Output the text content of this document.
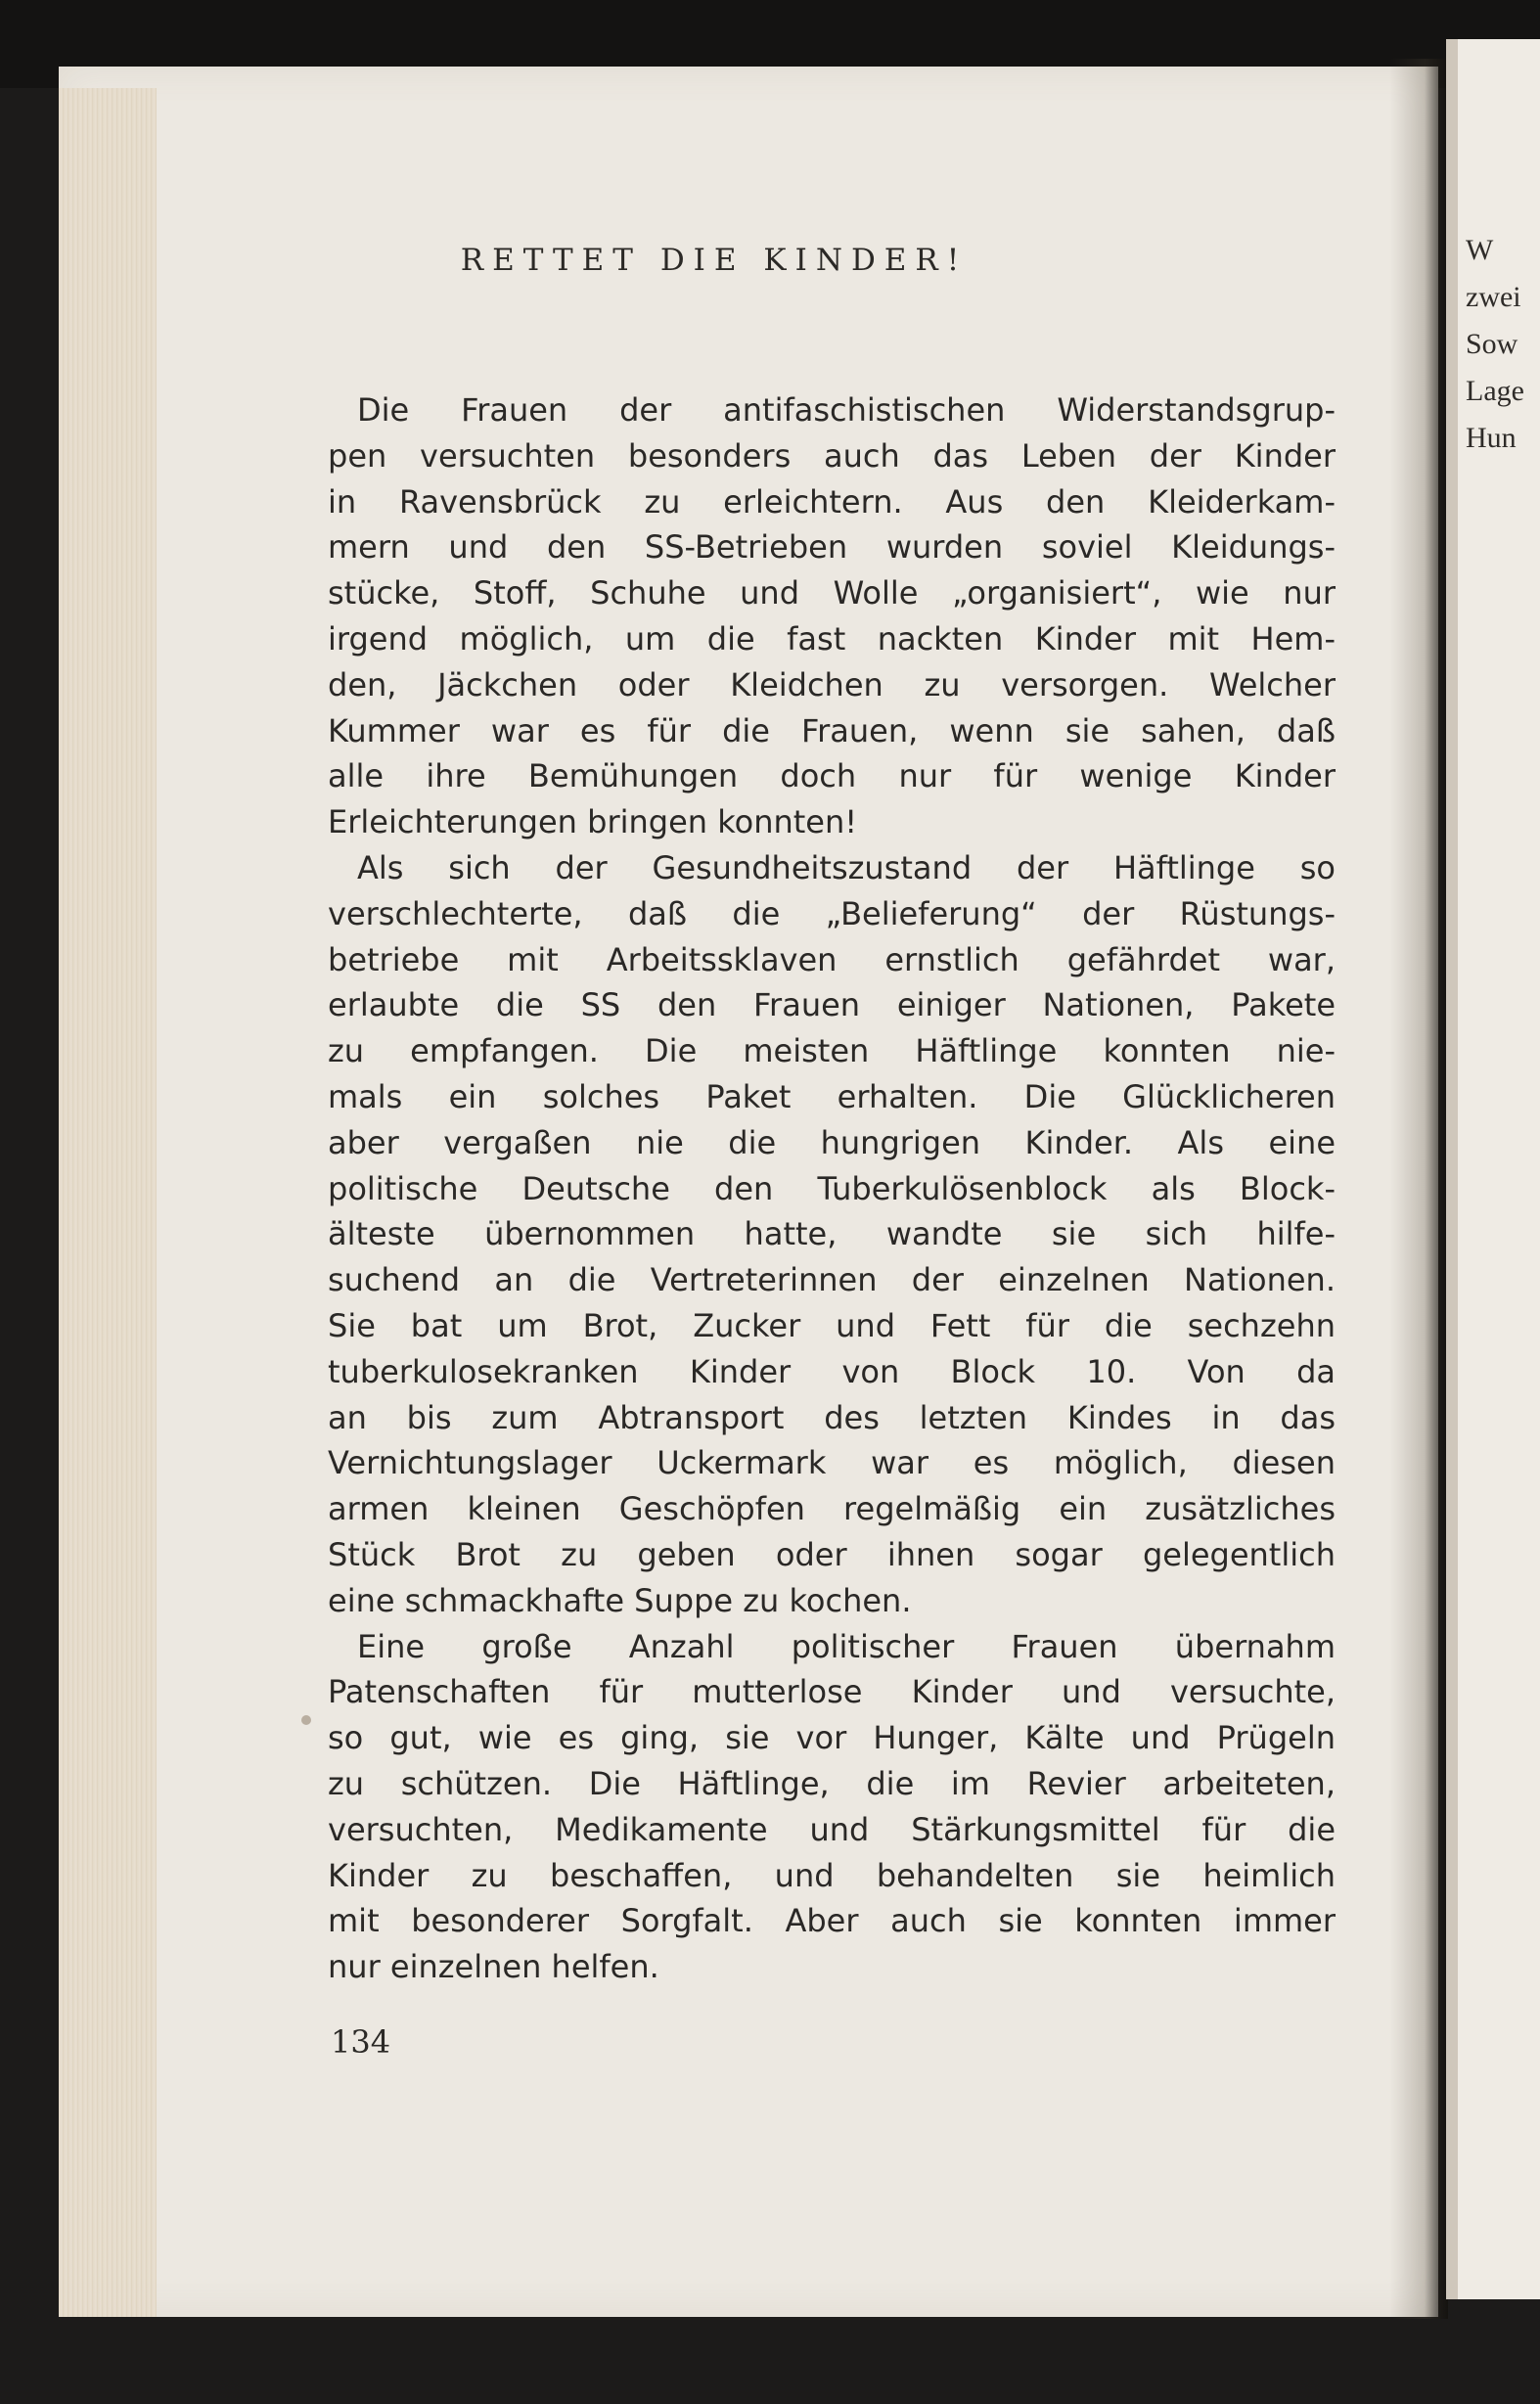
W
zwei
Sow
Lage
Hun
RETTET DIE KINDER!
Die Frauen der antifaschistischen Widerstandsgrup-
pen versuchten besonders auch das Leben der Kinder
in Ravensbrück zu erleichtern. Aus den Kleiderkam-
mern und den SS-Betrieben wurden soviel Kleidungs-
stücke, Stoff, Schuhe und Wolle „organisiert“, wie nur
irgend möglich, um die fast nackten Kinder mit Hem-
den, Jäckchen oder Kleidchen zu versorgen. Welcher
Kummer war es für die Frauen, wenn sie sahen, daß
alle ihre Bemühungen doch nur für wenige Kinder
Erleichterungen bringen konnten!
Als sich der Gesundheitszustand der Häftlinge so
verschlechterte, daß die „Belieferung“ der Rüstungs-
betriebe mit Arbeitssklaven ernstlich gefährdet war,
erlaubte die SS den Frauen einiger Nationen, Pakete
zu empfangen. Die meisten Häftlinge konnten nie-
mals ein solches Paket erhalten. Die Glücklicheren
aber vergaßen nie die hungrigen Kinder. Als eine
politische Deutsche den Tuberkulösenblock als Block-
älteste übernommen hatte, wandte sie sich hilfe-
suchend an die Vertreterinnen der einzelnen Nationen.
Sie bat um Brot, Zucker und Fett für die sechzehn
tuberkulosekranken Kinder von Block 10. Von da
an bis zum Abtransport des letzten Kindes in das
Vernichtungslager Uckermark war es möglich, diesen
armen kleinen Geschöpfen regelmäßig ein zusätzliches
Stück Brot zu geben oder ihnen sogar gelegentlich
eine schmackhafte Suppe zu kochen.
Eine große Anzahl politischer Frauen übernahm
Patenschaften für mutterlose Kinder und versuchte,
so gut, wie es ging, sie vor Hunger, Kälte und Prügeln
zu schützen. Die Häftlinge, die im Revier arbeiteten,
versuchten, Medikamente und Stärkungsmittel für die
Kinder zu beschaffen, und behandelten sie heimlich
mit besonderer Sorgfalt. Aber auch sie konnten immer
nur einzelnen helfen.
134
